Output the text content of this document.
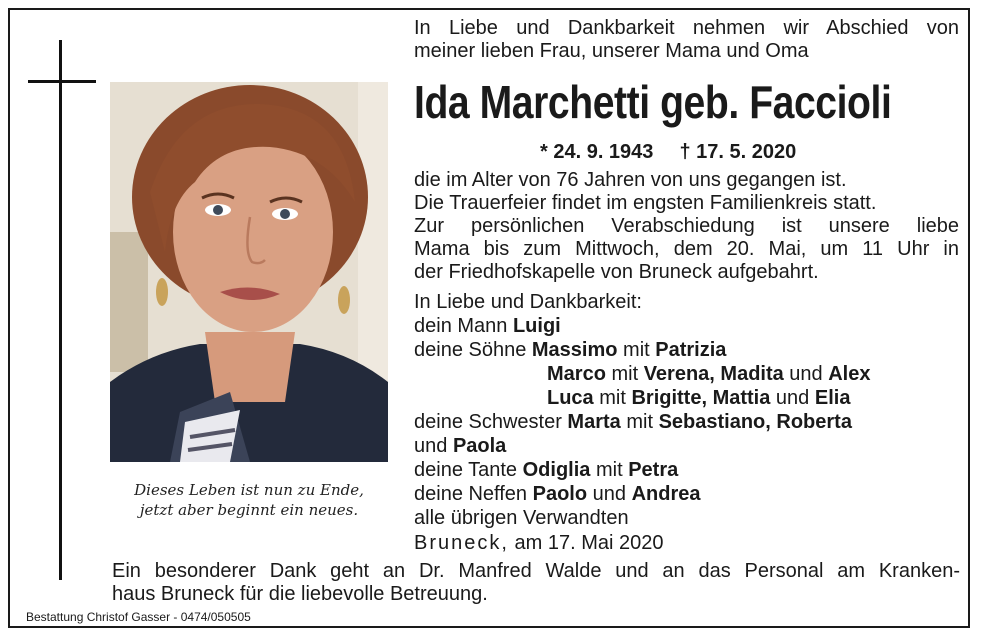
Dieses Leben ist nun zu Ende,
jetzt aber beginnt ein neues.
In Liebe und Dankbarkeit nehmen wir Abschied von
meiner lieben Frau, unserer Mama und Oma
Ida Marchetti geb. Faccioli
* 24. 9. 1943 † 17. 5. 2020
die im Alter von 76 Jahren von uns gegangen ist.
Die Trauerfeier findet im engsten Familienkreis statt.
Zur persönlichen Verabschiedung ist unsere liebe
Mama bis zum Mittwoch, dem 20. Mai, um 11 Uhr in
der Friedhofskapelle von Bruneck aufgebahrt.
In Liebe und Dankbarkeit:
dein Mann Luigi
deine Söhne Massimo mit Patrizia
Marco mit Verena, Madita und Alex
Luca mit Brigitte, Mattia und Elia
deine Schwester Marta mit Sebastiano, Roberta
und Paola
deine Tante Odiglia mit Petra
deine Neffen Paolo und Andrea
alle übrigen Verwandten
Bruneck, am 17. Mai 2020
Ein besonderer Dank geht an Dr. Manfred Walde und an das Personal am Kranken-
haus Bruneck für die liebevolle Betreuung.
Bestattung Christof Gasser - 0474/050505
